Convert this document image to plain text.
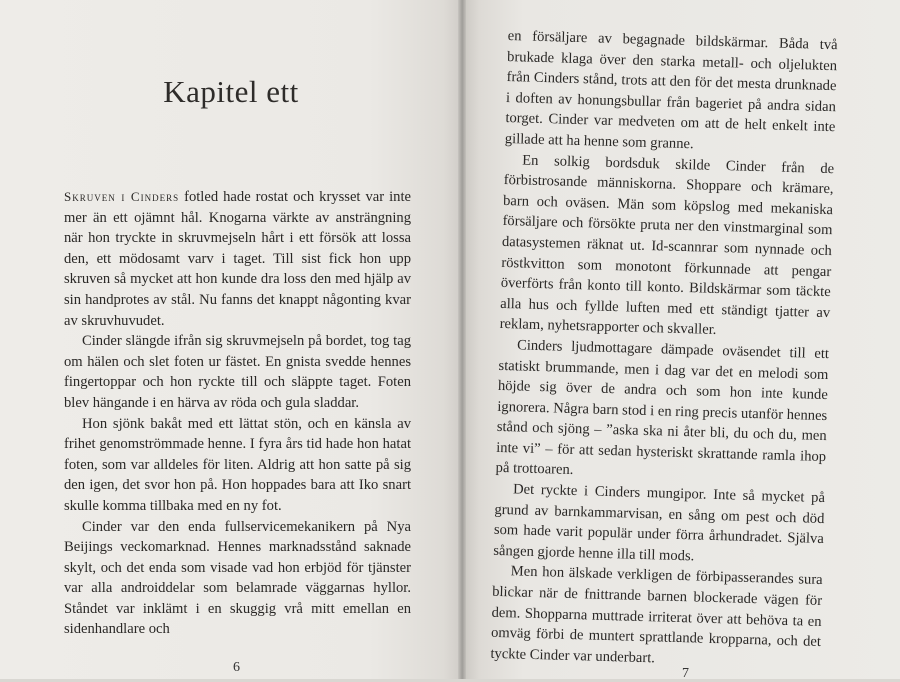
Kapitel ett

Skruven i Cinders fotled hade rostat och krysset var inte mer än ett ojämnt hål. Knogarna värkte av ansträngning när hon tryckte in skruvmejseln hårt i ett försök att lossa den, ett mödosamt varv i taget. Till sist fick hon upp skruven så mycket att hon kunde dra loss den med hjälp av sin handprotes av stål. Nu fanns det knappt någonting kvar av skruvhuvudet.

Cinder slängde ifrån sig skruvmejseln på bordet, tog tag om hälen och slet foten ur fästet. En gnista svedde hennes fingertoppar och hon ryckte till och släppte taget. Foten blev hängande i en härva av röda och gula sladdar.

Hon sjönk bakåt med ett lättat stön, och en känsla av frihet genomströmmade henne. I fyra års tid hade hon hatat foten, som var alldeles för liten. Aldrig att hon satte på sig den igen, det svor hon på. Hon hoppades bara att Iko snart skulle komma tillbaka med en ny fot.

Cinder var den enda fullservicemekanikern på Nya Beijings veckomarknad. Hennes marknadsstånd saknade skylt, och det enda som visade vad hon erbjöd för tjänster var alla androiddelar som belamrade väggarnas hyllor. Ståndet var inklämt i en skuggig vrå mitt emellan en sidenhandlare och

6

en försäljare av begagnade bildskärmar. Båda två brukade klaga över den starka metall- och oljelukten från Cinders stånd, trots att den för det mesta drunknade i doften av honungsbullar från bageriet på andra sidan torget. Cinder var medveten om att de helt enkelt inte gillade att ha henne som granne.

En solkig bordsduk skilde Cinder från de förbistrosande människorna. Shoppare och krämare, barn och oväsen. Män som köpslog med mekaniska försäljare och försökte pruta ner den vinstmarginal som datasystemen räknat ut. Id-scannrar som nynnade och röstkvitton som monotont förkunnade att pengar överförts från konto till konto. Bildskärmar som täckte alla hus och fyllde luften med ett ständigt tjatter av reklam, nyhetsrapporter och skvaller.

Cinders ljudmottagare dämpade oväsendet till ett statiskt brummande, men i dag var det en melodi som höjde sig över de andra och som hon inte kunde ignorera. Några barn stod i en ring precis utanför hennes stånd och sjöng – ”aska ska ni åter bli, du och du, men inte vi” – för att sedan hysteriskt skrattande ramla ihop på trottoaren.

Det ryckte i Cinders mungipor. Inte så mycket på grund av barnkammarvisan, en sång om pest och död som hade varit populär under förra århundradet. Själva sången gjorde henne illa till mods.

Men hon älskade verkligen de förbipasserandes sura blickar när de fnittrande barnen blockerade vägen för dem. Shopparna muttrade irriterat över att behöva ta en omväg förbi de muntert sprattlande kropparna, och det tyckte Cinder var underbart.

7
